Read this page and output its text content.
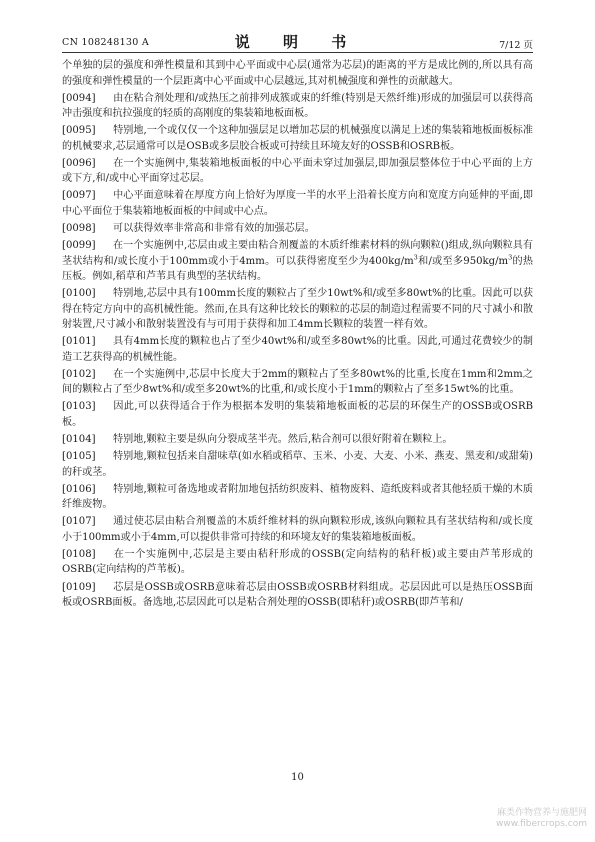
CN 108248130 A	说 明 书	7/12 页

个单独的层的强度和弹性模量和其到中心平面或中心层(通常为芯层)的距离的平方是成比例的,所以具有高的强度和弹性模量的一个层距离中心平面或中心层越远,其对机械强度和弹性的贡献越大。

[0094] 由在粘合剂处理和/或热压之前排列成簇或束的纤维(特别是天然纤维)形成的加强层可以获得高冲击强度和抗拉强度的轻质的高刚度的集装箱地板面板。

[0095] 特别地,一个或仅仅一个这种加强层足以增加芯层的机械强度以满足上述的集装箱地板面板标准的机械要求,芯层通常可以是OSB或多层胶合板或可持续且环境友好的OSSB和OSRB板。

[0096] 在一个实施例中,集装箱地板面板的中心平面未穿过加强层,即加强层整体位于中心平面的上方或下方,和/或中心平面穿过芯层。

[0097] 中心平面意味着在厚度方向上恰好为厚度一半的水平上沿着长度方向和宽度方向延伸的平面,即中心平面位于集装箱地板面板的中间或中心点。

[0098] 可以获得效率非常高和非常有效的加强芯层。

[0099] 在一个实施例中,芯层由或主要由粘合剂覆盖的木质纤维素材料的纵向颗粒()组成,纵向颗粒具有茎状结构和/或长度小于100mm或小于4mm。可以获得密度至少为$400kg/m^3$和/或至多$950kg/m^3$的热压板。例如,稻草和芦苇具有典型的茎状结构。

[0100] 特别地,芯层中具有100mm长度的颗粒占了至少10wt%和/或至多80wt%的比重。因此可以获得在特定方向中的高机械性能。然而,在具有这种比较长的颗粒的芯层的制造过程需要不同的尺寸减小和散射装置,尺寸减小和散射装置没有与可用于获得和加工4mm长颗粒的装置一样有效。

[0101] 具有4mm长度的颗粒也占了至少40wt%和/或至多80wt%的比重。因此,可通过花费较少的制造工艺获得高的机械性能。

[0102] 在一个实施例中,芯层中长度大于2mm的颗粒占了至多80wt%的比重,长度在1mm和2mm之间的颗粒占了至少8wt%和/或至多20wt%的比重,和/或长度小于1mm的颗粒占了至多15wt%的比重。

[0103] 因此,可以获得适合于作为根据本发明的集装箱地板面板的芯层的环保生产的OSSB或OSRB板。

[0104] 特别地,颗粒主要是纵向分裂成茎半壳。然后,粘合剂可以很好附着在颗粒上。

[0105] 特别地,颗粒包括来自甜味草(如水稻或稻草、玉米、小麦、大麦、小米、燕麦、黑麦和/或甜菊)的秆或茎。

[0106] 特别地,颗粒可备选地或者附加地包括纺织废料、植物废料、造纸废料或者其他轻质干燥的木质纤维废物。

[0107] 通过使芯层由粘合剂覆盖的木质纤维材料的纵向颗粒形成,该纵向颗粒具有茎状结构和/或长度小于100mm或小于4mm,可以提供非常可持续的和环境友好的集装箱地板面板。

[0108] 在一个实施例中,芯层是主要由秸秆形成的OSSB(定向结构的秸秆板)或主要由芦苇形成的OSRB(定向结构的芦苇板)。

[0109] 芯层是OSSB或OSRB意味着芯层由OSSB或OSRB材料组成。芯层因此可以是热压OSSB面板或OSRB面板。备选地,芯层因此可以是粘合剂处理的OSSB(即秸秆)或OSRB(即芦苇和/

10
麻类作物营养与施肥网
www.fibercrops.com
